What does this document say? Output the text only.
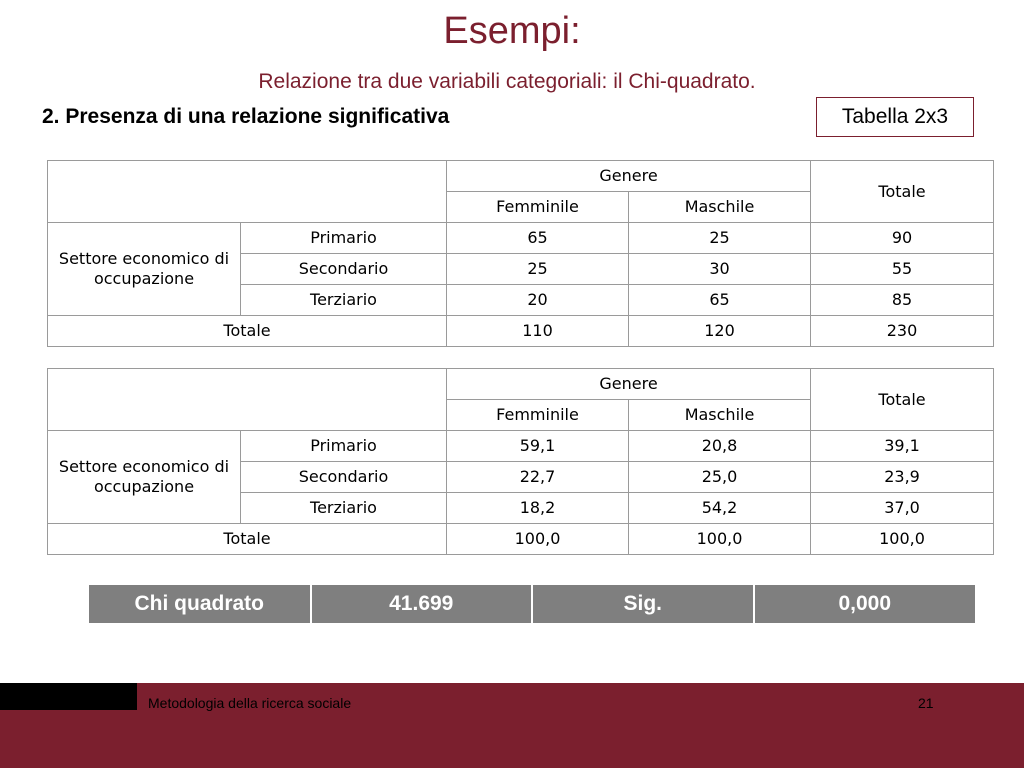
Esempi:
Relazione tra due variabili categoriali: il Chi-quadrato.
2. Presenza di una relazione significativa	Tabella 2x3
		Genere		Totale
		Femminile	Maschile	
Settore economico di occupazione	Primario	65	25	90
	Secondario	25	30	55
	Terziario	20	65	85
Totale		110	120	230
		Genere		Totale
		Femminile	Maschile	
Settore economico di occupazione	Primario	59,1	20,8	39,1
	Secondario	22,7	25,0	23,9
	Terziario	18,2	54,2	37,0
Totale		100,0	100,0	100,0
Chi quadrato	41.699	Sig.	0,000
Metodologia della ricerca sociale	21
